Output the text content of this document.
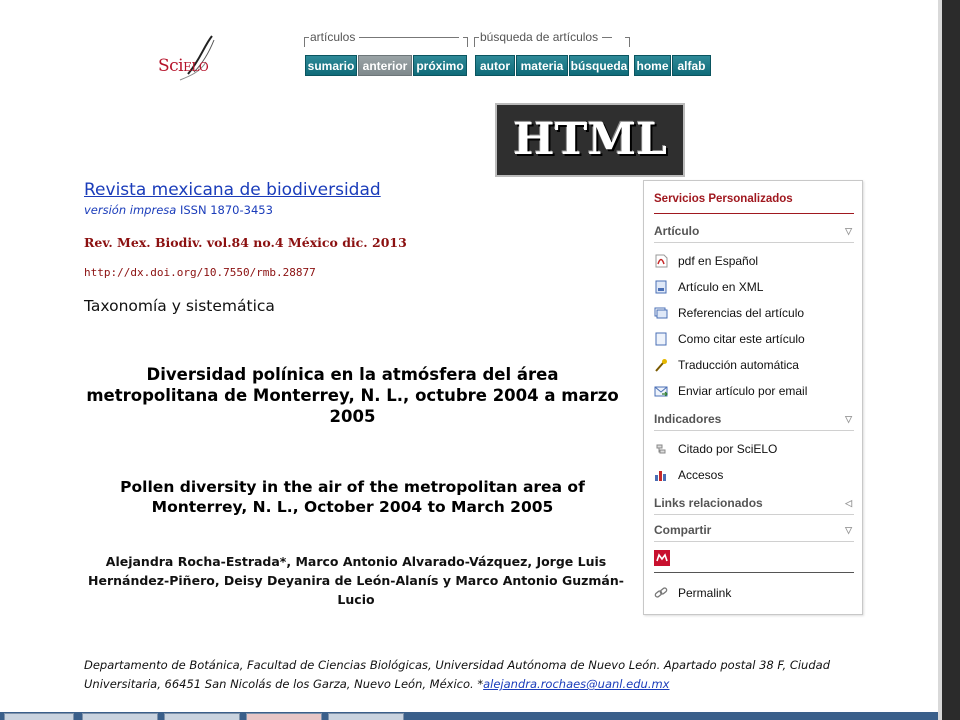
SciELO
artículos	búsqueda de artículos
sumario anterior próximo	autor materia búsqueda home alfab
HTML
Revista mexicana de biodiversidad
versión impresa ISSN 1870-3453
Rev. Mex. Biodiv. vol.84 no.4 México dic. 2013
http://dx.doi.org/10.7550/rmb.28877
Taxonomía y sistemática
Diversidad polínica en la atmósfera del área metropolitana de Monterrey, N. L., octubre 2004 a marzo 2005
Pollen diversity in the air of the metropolitan area of Monterrey, N. L., October 2004 to March 2005
Alejandra Rocha-Estrada*, Marco Antonio Alvarado-Vázquez, Jorge Luis Hernández-Piñero, Deisy Deyanira de León-Alanís y Marco Antonio Guzmán-Lucio
Departamento de Botánica, Facultad de Ciencias Biológicas, Universidad Autónoma de Nuevo León. Apartado postal 38 F, Ciudad Universitaria, 66451 San Nicolás de los Garza, Nuevo León, México. *alejandra.rochaes@uanl.edu.mx
Servicios Personalizados
Artículo	▽
pdf en Español
Artículo en XML
Referencias del artículo
Como citar este artículo
Traducción automática
Enviar artículo por email
Indicadores	▽
Citado por SciELO
Accesos
Links relacionados	◁
Compartir	▽
Permalink
